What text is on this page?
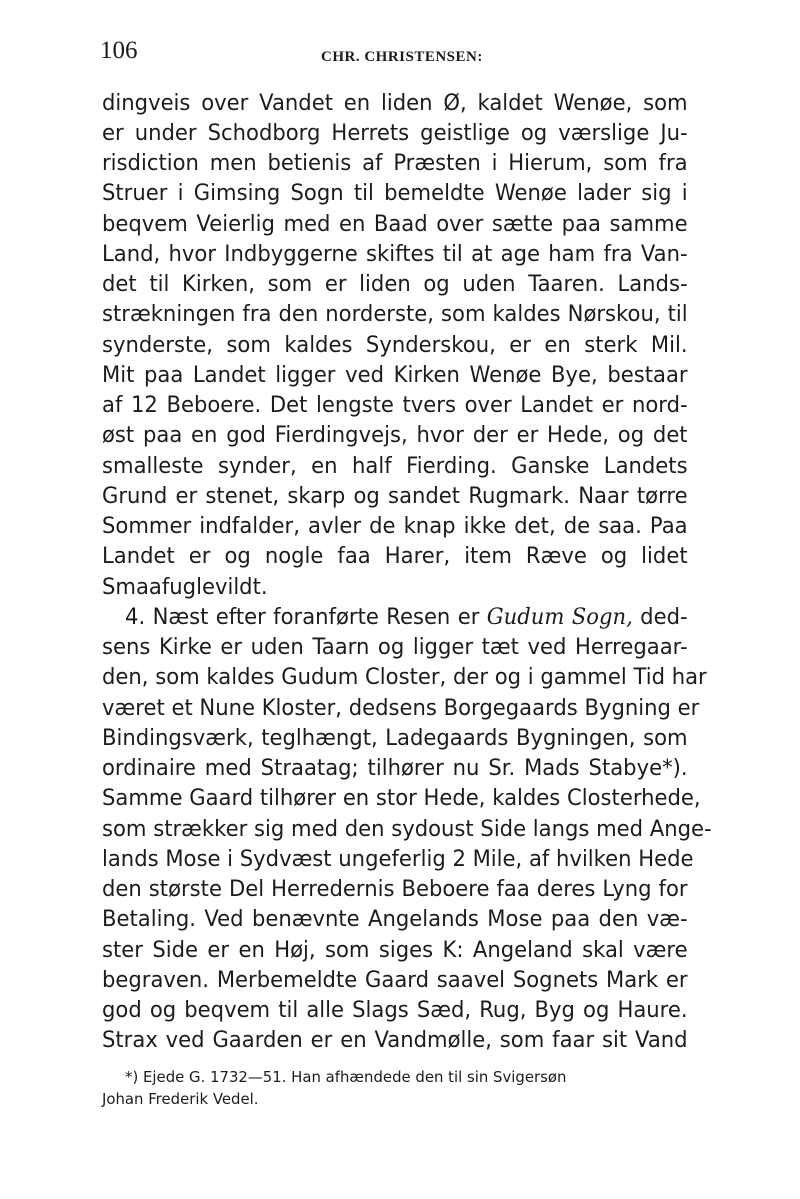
106	CHR. CHRISTENSEN:
dingveis over Vandet en liden Ø, kaldet Wenøe, som
er under Schodborg Herrets geistlige og værslige Ju-
risdiction men betienis af Præsten i Hierum, som fra
Struer i Gimsing Sogn til bemeldte Wenøe lader sig i
beqvem Veierlig med en Baad over sætte paa samme
Land, hvor Indbyggerne skiftes til at age ham fra Van-
det til Kirken, som er liden og uden Taaren. Lands-
strækningen fra den norderste, som kaldes Nørskou, til
synderste, som kaldes Synderskou, er en sterk Mil.
Mit paa Landet ligger ved Kirken Wenøe Bye, bestaar
af 12 Beboere. Det lengste tvers over Landet er nord-
øst paa en god Fierdingvejs, hvor der er Hede, og det
smalleste synder, en half Fierding. Ganske Landets
Grund er stenet, skarp og sandet Rugmark. Naar tørre
Sommer indfalder, avler de knap ikke det, de saa. Paa
Landet er og nogle faa Harer, item Ræve og lidet
Smaafuglevildt.
4. Næst efter foranførte Resen er Gudum Sogn, ded-
sens Kirke er uden Taarn og ligger tæt ved Herregaar-
den, som kaldes Gudum Closter, der og i gammel Tid har
været et Nune Kloster, dedsens Borgegaards Bygning er
Bindingsværk, teglhængt, Ladegaards Bygningen, som
ordinaire med Straatag; tilhører nu Sr. Mads Stabye*).
Samme Gaard tilhører en stor Hede, kaldes Closterhede,
som strækker sig med den sydoust Side langs med Ange-
lands Mose i Sydvæst ungeferlig 2 Mile, af hvilken Hede
den største Del Herredernis Beboere faa deres Lyng for
Betaling. Ved benævnte Angelands Mose paa den væ-
ster Side er en Høj, som siges K: Angeland skal være
begraven. Merbemeldte Gaard saavel Sognets Mark er
god og beqvem til alle Slags Sæd, Rug, Byg og Haure.
Strax ved Gaarden er en Vandmølle, som faar sit Vand
*) Ejede G. 1732—51. Han afhændede den til sin Svigersøn
Johan Frederik Vedel.
